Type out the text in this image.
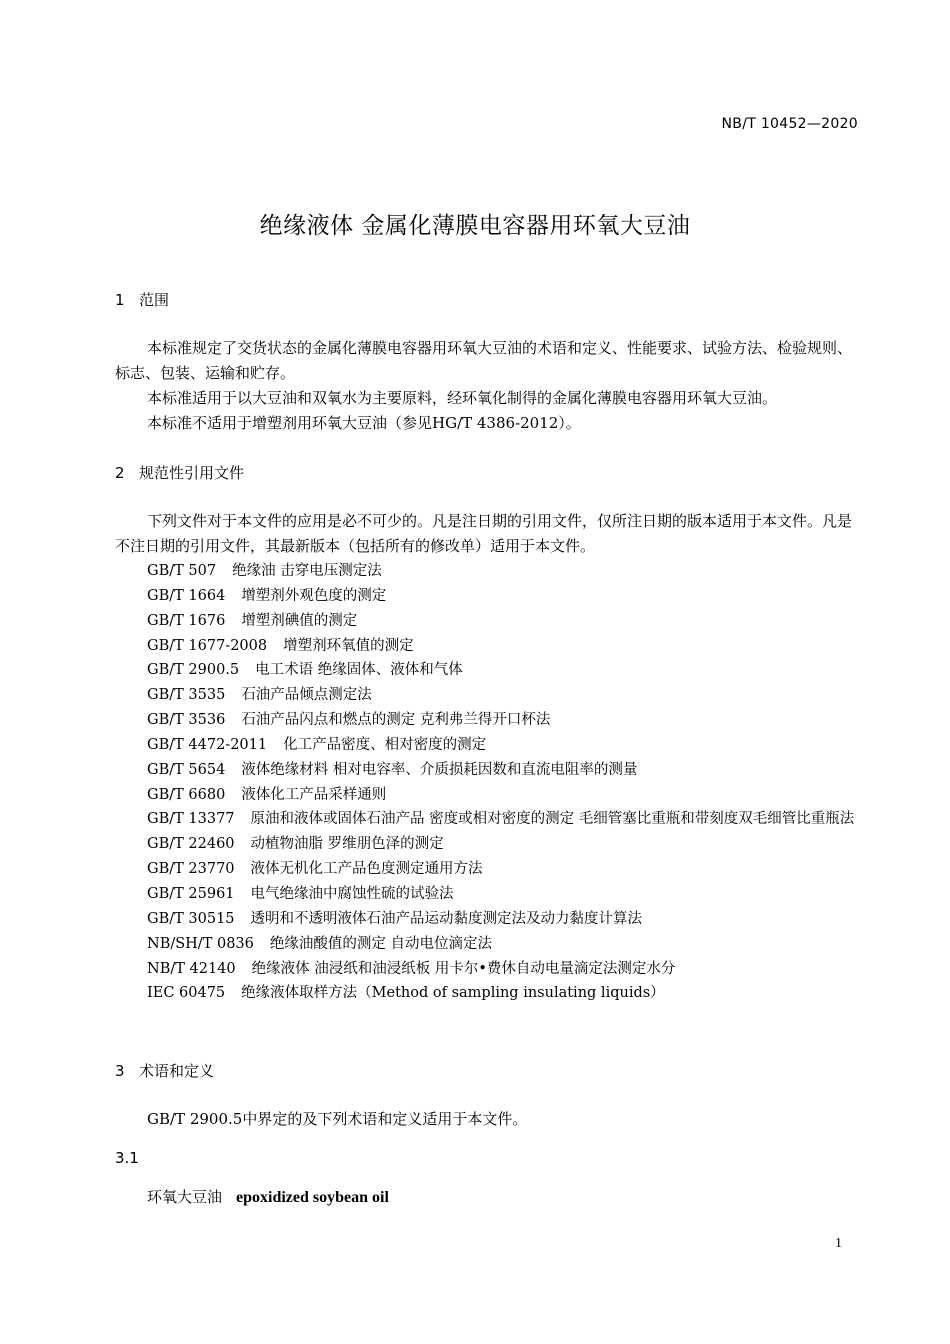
NB/T 10452—2020
绝缘液体 金属化薄膜电容器用环氧大豆油
1 范围

本标准规定了交货状态的金属化薄膜电容器用环氧大豆油的术语和定义、性能要求、试验方法、检验规则、标志、包装、运输和贮存。

本标准适用于以大豆油和双氧水为主要原料，经环氧化制得的金属化薄膜电容器用环氧大豆油。

本标准不适用于增塑剂用环氧大豆油（参见HG/T 4386-2012）。

2 规范性引用文件

下列文件对于本文件的应用是必不可少的。凡是注日期的引用文件，仅所注日期的版本适用于本文件。凡是不注日期的引用文件，其最新版本（包括所有的修改单）适用于本文件。

GB/T 507 绝缘油 击穿电压测定法

GB/T 1664 增塑剂外观色度的测定

GB/T 1676 增塑剂碘值的测定

GB/T 1677-2008 增塑剂环氧值的测定

GB/T 2900.5 电工术语 绝缘固体、液体和气体

GB/T 3535 石油产品倾点测定法

GB/T 3536 石油产品闪点和燃点的测定 克利弗兰得开口杯法

GB/T 4472-2011 化工产品密度、相对密度的测定

GB/T 5654 液体绝缘材料 相对电容率、介质损耗因数和直流电阻率的测量

GB/T 6680 液体化工产品采样通则

GB/T 13377 原油和液体或固体石油产品 密度或相对密度的测定 毛细管塞比重瓶和带刻度双毛细管比重瓶法

GB/T 22460 动植物油脂 罗维朋色泽的测定

GB/T 23770 液体无机化工产品色度测定通用方法

GB/T 25961 电气绝缘油中腐蚀性硫的试验法

GB/T 30515 透明和不透明液体石油产品运动黏度测定法及动力黏度计算法

NB/SH/T 0836 绝缘油酸值的测定 自动电位滴定法

NB/T 42140 绝缘液体 油浸纸和油浸纸板 用卡尔•费休自动电量滴定法测定水分

IEC 60475 绝缘液体取样方法（Method of sampling insulating liquids）

3 术语和定义

GB/T 2900.5中界定的及下列术语和定义适用于本文件。

3.1
环氧大豆油 epoxidized soybean oil
1
